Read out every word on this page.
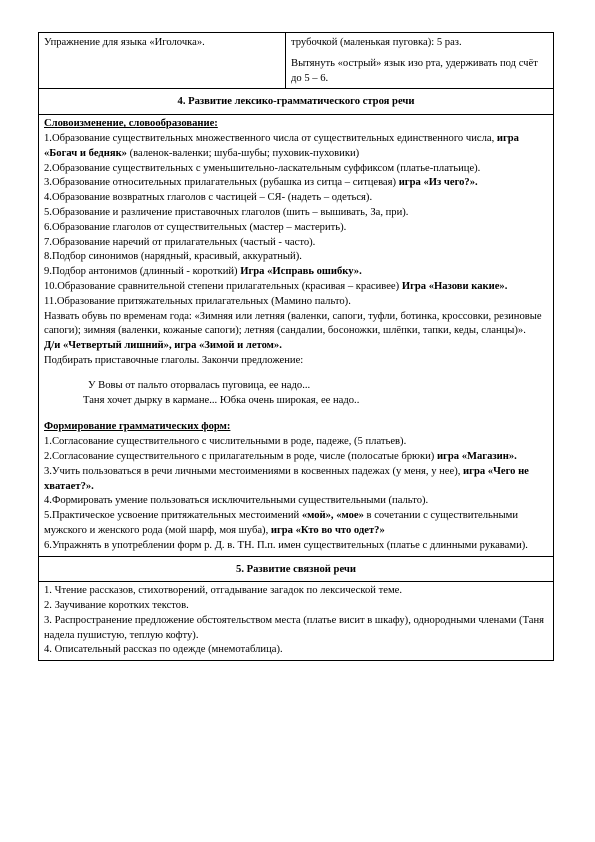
Упражнение для языка «Иголочка».	трубочкой (маленькая пуговка): 5 раз.

Вытянуть «острый» язык изо рта, удерживать под счёт до 5 – 6.

4. Развитие лексико-грамматического строя речи

Словоизменение, словообразование:

1.Образование существительных множественного числа от существительных единственного числа, игра «Богач и бедняк» (валенок-валенки; шуба-шубы; пуховик-пуховики)

2.Образование существительных с уменьшительно-ласкательным суффиксом (платье-платьице).

3.Образование относительных прилагательных (рубашка из ситца – ситцевая) игра «Из чего?».

4.Образование возвратных глаголов с частицей – СЯ- (надеть – одеться).

5.Образование и различение приставочных глаголов (шить – вышивать, За, при).

6.Образование глаголов от существительных (мастер – мастерить).

7.Образование наречий от прилагательных (частый - часто).

8.Подбор синонимов (нарядный, красивый, аккуратный).

9.Подбор антонимов (длинный - короткий) Игра «Исправь ошибку».

10.Образование сравнительной степени прилагательных (красивая – красивее) Игра «Назови какие».

11.Образование притяжательных прилагательных (Мамино пальто).

Назвать обувь по временам года: «Зимняя или летняя (валенки, сапоги, туфли, ботинка, кроссовки, резиновые сапоги); зимняя (валенки, кожаные сапоги); летняя (сандалии, босоножки, шлёпки, тапки, кеды, сланцы)».

Д/и «Четвертый лишний», игра «Зимой и летом».

Подбирать приставочные глаголы. Закончи предложение:

У Вовы от пальто оторвалась пуговица, ее надо...

Таня хочет дырку в кармане... Юбка очень широкая, ее надо..

Формирование грамматических форм:

1.Согласование существительного с числительными в роде, падеже, (5 платьев).

2.Согласование существительного с прилагательным в роде, числе (полосатые брюки) игра «Магазин».

3.Учить пользоваться в речи личными местоимениями в косвенных падежах (у меня, у нее), игра «Чего не хватает?».

4.Формировать умение пользоваться исключительными существительными (пальто).

5.Практическое усвоение притяжательных местоимений «мой», «мое» в сочетании с существительными мужского и женского рода (мой шарф, моя шуба), игра «Кто во что одет?»

6.Упражнять в употреблении форм р. Д. в. ТН. П.п. имен существительных (платье с длинными рукавами).

5. Развитие связной речи

1. Чтение рассказов, стихотворений, отгадывание загадок по лексической теме.

2. Заучивание коротких текстов.

3. Распространение предложение обстоятельством места (платье висит в шкафу), однородными членами (Таня надела пушистую, теплую кофту).

4. Описательный рассказ по одежде (мнемотаблица).
